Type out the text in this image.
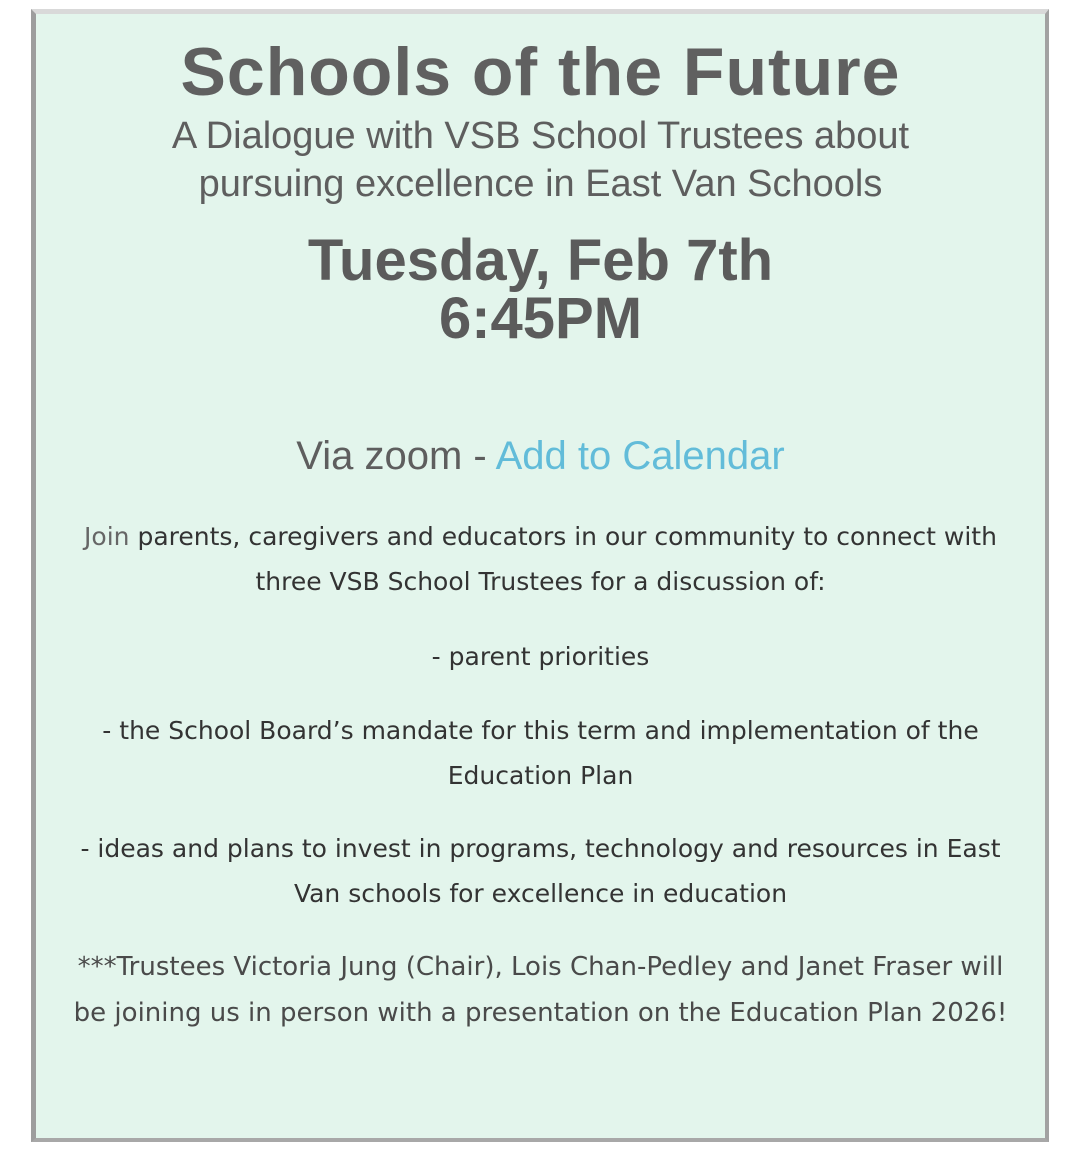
Schools of the Future
A Dialogue with VSB School Trustees about pursuing excellence in East Van Schools
Tuesday, Feb 7th
6:45PM
Via zoom - Add to Calendar

Join parents, caregivers and educators in our community to connect with three VSB School Trustees for a discussion of:

- parent priorities

- the School Board’s mandate for this term and implementation of the Education Plan

- ideas and plans to invest in programs, technology and resources in East Van schools for excellence in education

***Trustees Victoria Jung (Chair), Lois Chan-Pedley and Janet Fraser will be joining us in person with a presentation on the Education Plan 2026!
